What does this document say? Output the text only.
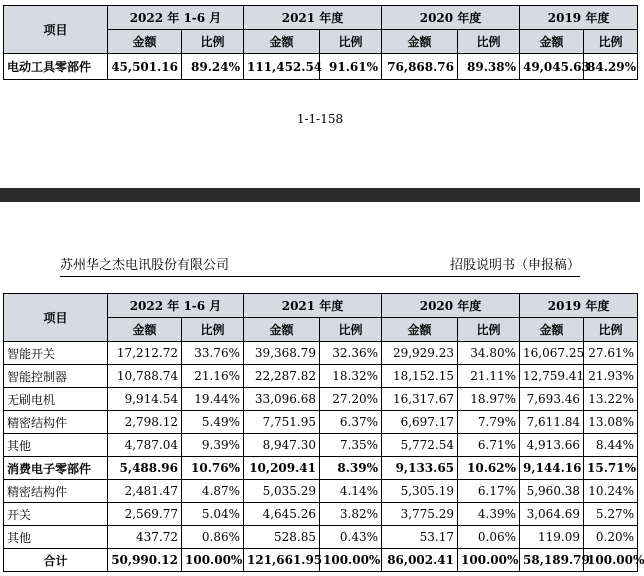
项目	2022 年 1-6 月		2021 年度		2020 年度		2019 年度	
	金额	比例	金额	比例	金额	比例	金额	比例
电动工具零部件	45,501.16	89.24%	111,452.54	91.61%	76,868.76	89.38%	49,045.63	84.29%
1-1-158
苏州华之杰电讯股份有限公司	招股说明书（申报稿）
项目	2022 年 1-6 月		2021 年度		2020 年度		2019 年度	
	金额	比例	金额	比例	金额	比例	金额	比例
智能开关	17,212.72	33.76%	39,368.79	32.36%	29,929.23	34.80%	16,067.25	27.61%
智能控制器	10,788.74	21.16%	22,287.82	18.32%	18,152.15	21.11%	12,759.41	21.93%
无刷电机	9,914.54	19.44%	33,096.68	27.20%	16,317.67	18.97%	7,693.46	13.22%
精密结构件	2,798.12	5.49%	7,751.95	6.37%	6,697.17	7.79%	7,611.84	13.08%
其他	4,787.04	9.39%	8,947.30	7.35%	5,772.54	6.71%	4,913.66	8.44%
消费电子零部件	5,488.96	10.76%	10,209.41	8.39%	9,133.65	10.62%	9,144.16	15.71%
精密结构件	2,481.47	4.87%	5,035.29	4.14%	5,305.19	6.17%	5,960.38	10.24%
开关	2,569.77	5.04%	4,645.26	3.82%	3,775.29	4.39%	3,064.69	5.27%
其他	437.72	0.86%	528.85	0.43%	53.17	0.06%	119.09	0.20%
合计	50,990.12	100.00%	121,661.95	100.00%	86,002.41	100.00%	58,189.79	100.00%
